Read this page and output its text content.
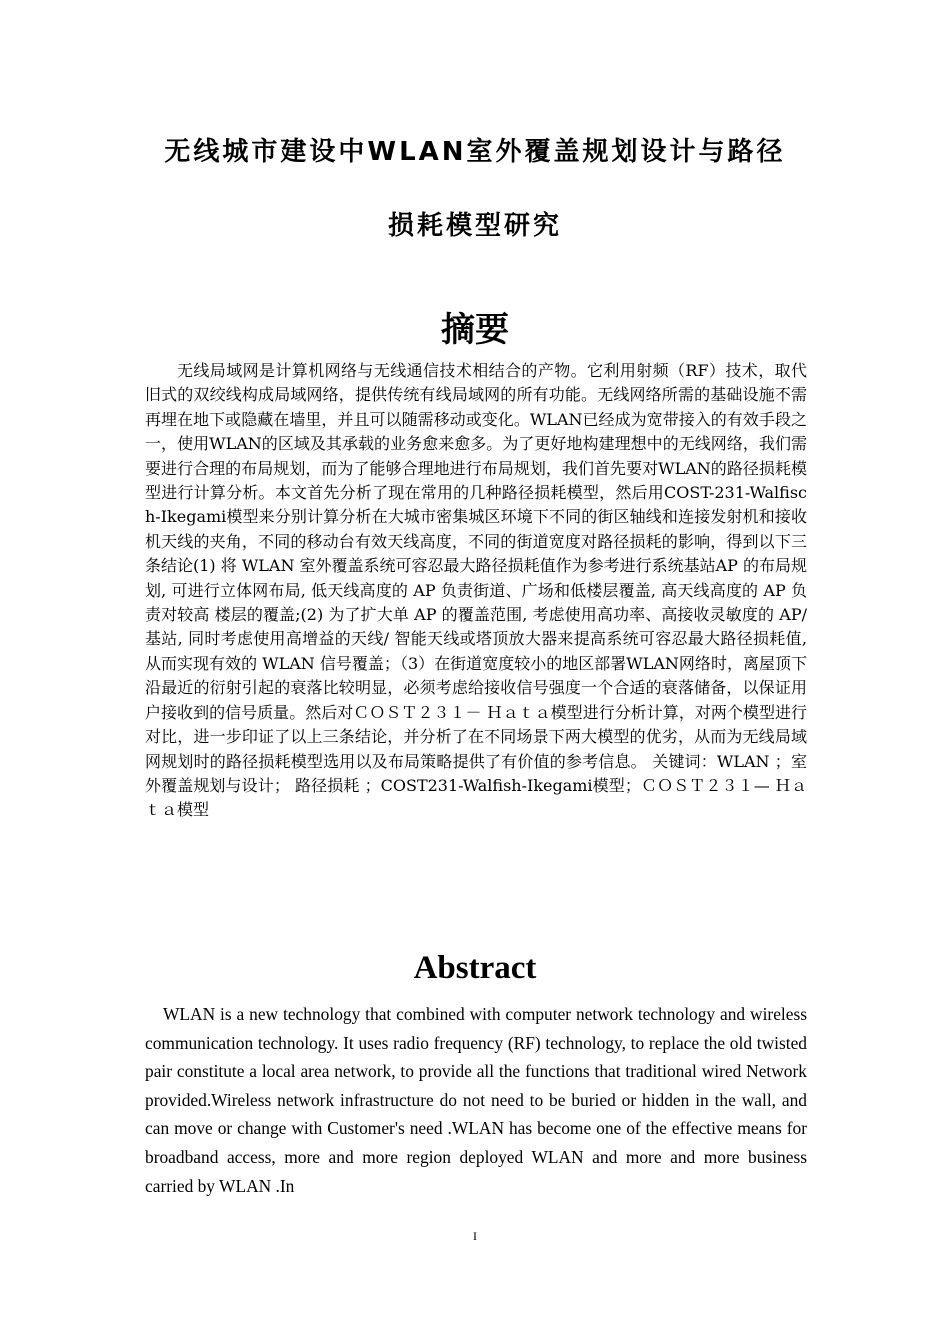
无线城市建设中WLAN室外覆盖规划设计与路径
损耗模型研究
摘要

无线局域网是计算机网络与无线通信技术相结合的产物。它利用射频（RF）技术，取代旧式的双绞线构成局域网络，提供传统有线局域网的所有功能。无线网络所需的基础设施不需再埋在地下或隐藏在墙里，并且可以随需移动或变化。WLAN已经成为宽带接入的有效手段之一，使用WLAN的区域及其承载的业务愈来愈多。为了更好地构建理想中的无线网络，我们需要进行合理的布局规划，而为了能够合理地进行布局规划，我们首先要对WLAN的路径损耗模型进行计算分析。本文首先分析了现在常用的几种路径损耗模型，然后用COST-231-Walfisch-Ikegami模型来分别计算分析在大城市密集城区环境下不同的街区轴线和连接发射机和接收机天线的夹角，不同的移动台有效天线高度，不同的街道宽度对路径损耗的影响，得到以下三条结论(1) 将 WLAN 室外覆盖系统可容忍最大路径损耗值作为参考进行系统基站AP 的布局规划, 可进行立体网布局, 低天线高度的 AP 负责街道、广场和低楼层覆盖, 高天线高度的 AP 负责对较高 楼层的覆盖;(2) 为了扩大单 AP 的覆盖范围, 考虑使用高功率、高接收灵敏度的 AP/ 基站, 同时考虑使用高增益的天线/ 智能天线或塔顶放大器来提高系统可容忍最大路径损耗值, 从而实现有效的 WLAN 信号覆盖；（3）在街道宽度较小的地区部署WLAN网络时，离屋顶下沿最近的衍射引起的衰落比较明显，必须考虑给接收信号强度一个合适的衰落储备，以保证用户接收到的信号质量。然后对ＣＯＳＴ２３１－ Ｈａｔａ模型进行分析计算，对两个模型进行对比，进一步印证了以上三条结论，并分析了在不同场景下两大模型的优劣，从而为无线局域网规划时的路径损耗模型选用以及布局策略提供了有价值的参考信息。 关键词：WLAN ；室外覆盖规划与设计； 路径损耗 ；COST231-Walfish-Ikegami模型；ＣＯＳＴ２３１— Ｈａｔａ模型

Abstract

WLAN is a new technology that combined with computer network technology and wireless communication technology. It uses radio frequency (RF) technology, to replace the old twisted pair constitute a local area network, to provide all the functions that traditional wired Network provided.Wireless network infrastructure do not need to be buried or hidden in the wall, and can move or change with Customer's need .WLAN has become one of the effective means for broadband access, more and more region deployed WLAN and more and more business carried by WLAN .In

I
